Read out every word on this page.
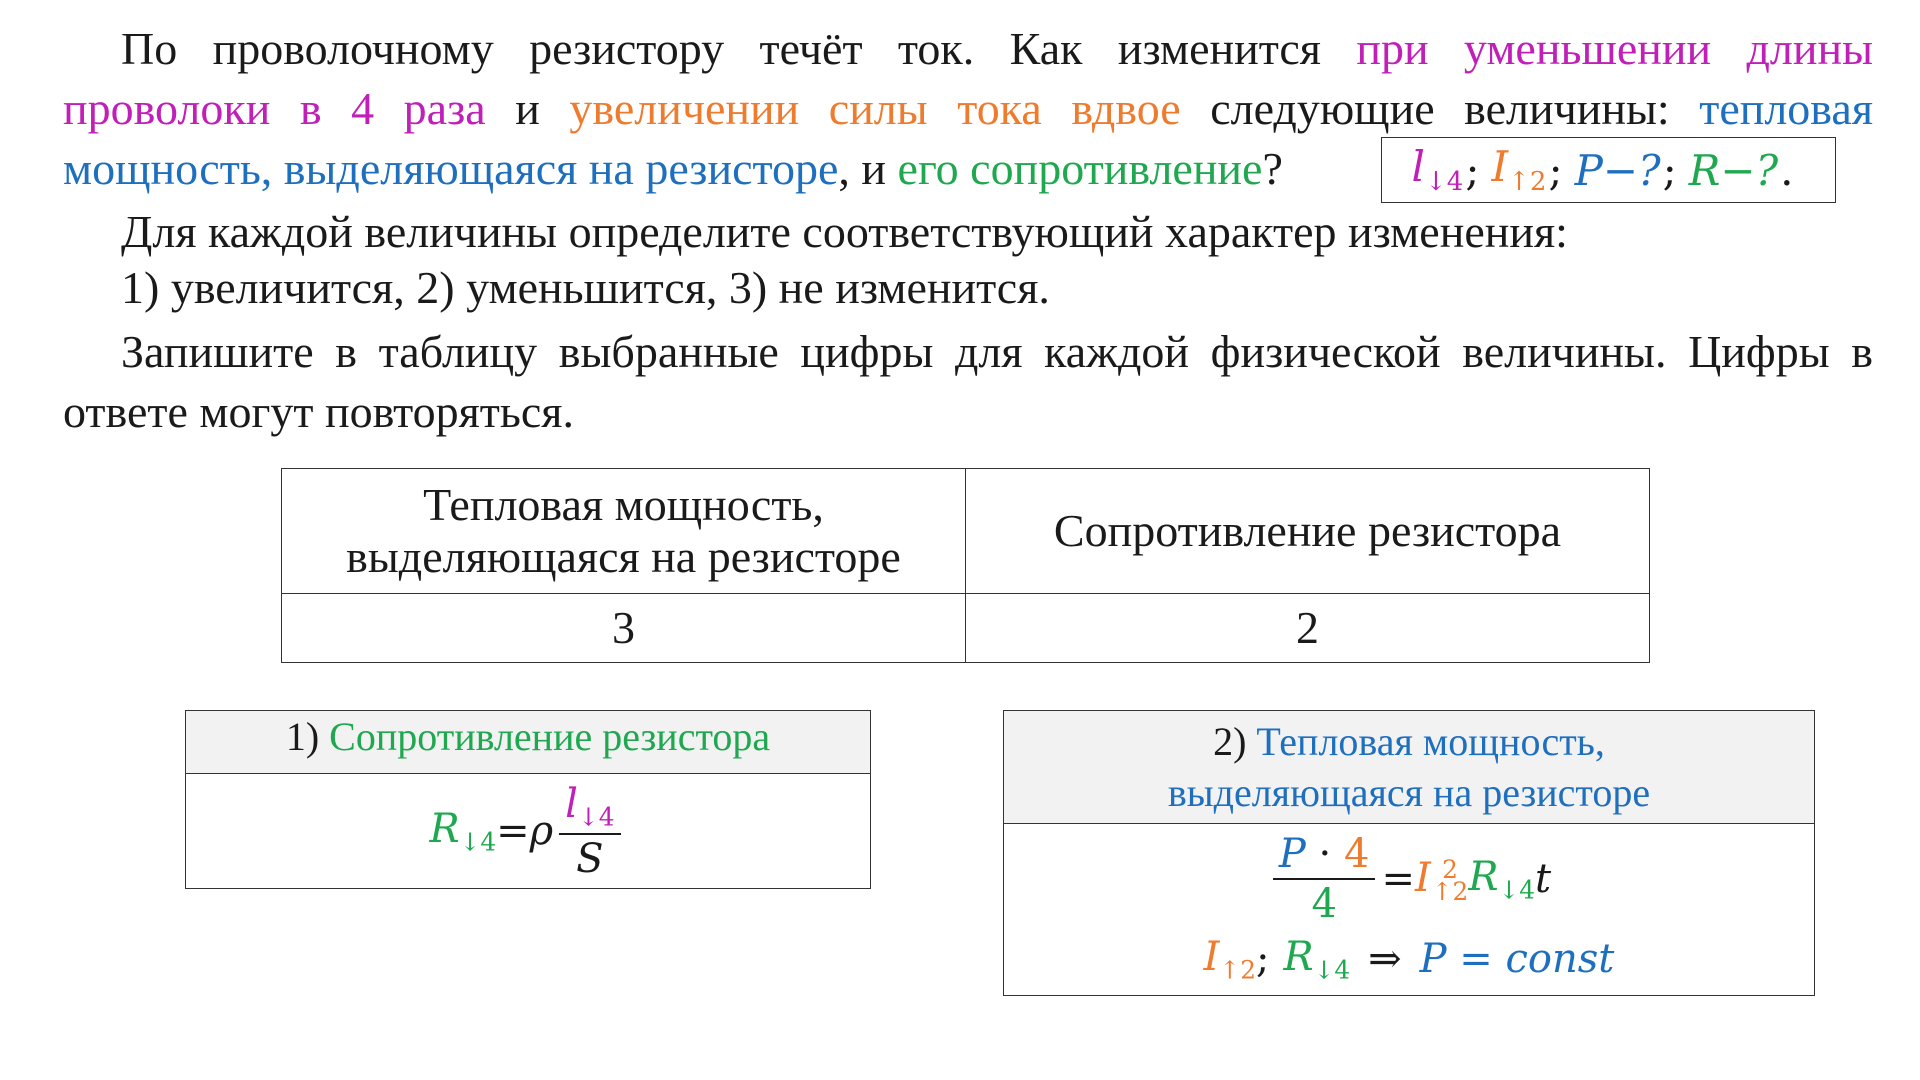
По проволочному резистору течёт ток. Как изменится при уменьшении длины проволоки в 4 раза и увеличении силы тока вдвое следующие величины: тепловая мощность, выделяющаяся на резисторе, и его сопротивление?	$l_{↓4}$ ; $I_{↑2}$ ; P−? ; R−? .
Для каждой величины определите соответствующий характер изменения:
1) увеличится, 2) уменьшится, 3) не изменится.
Запишите в таблицу выбранные цифры для каждой физической величины. Цифры в ответе могут повторяться.
Тепловая мощность,
выделяющаяся на резисторе	Сопротивление резистора
3	2
1) Сопротивление резистора
$R_{↓4} = \rho \frac{l_{↓4}}{S}$
2) Тепловая мощность,
выделяющаяся на резисторе
$\frac{P \cdot 4}{4} = I$ 2
↑2 $R_{↓4}$ t
$I_{↑2}$ ; $R_{↓4}$ ⇒ P = const
